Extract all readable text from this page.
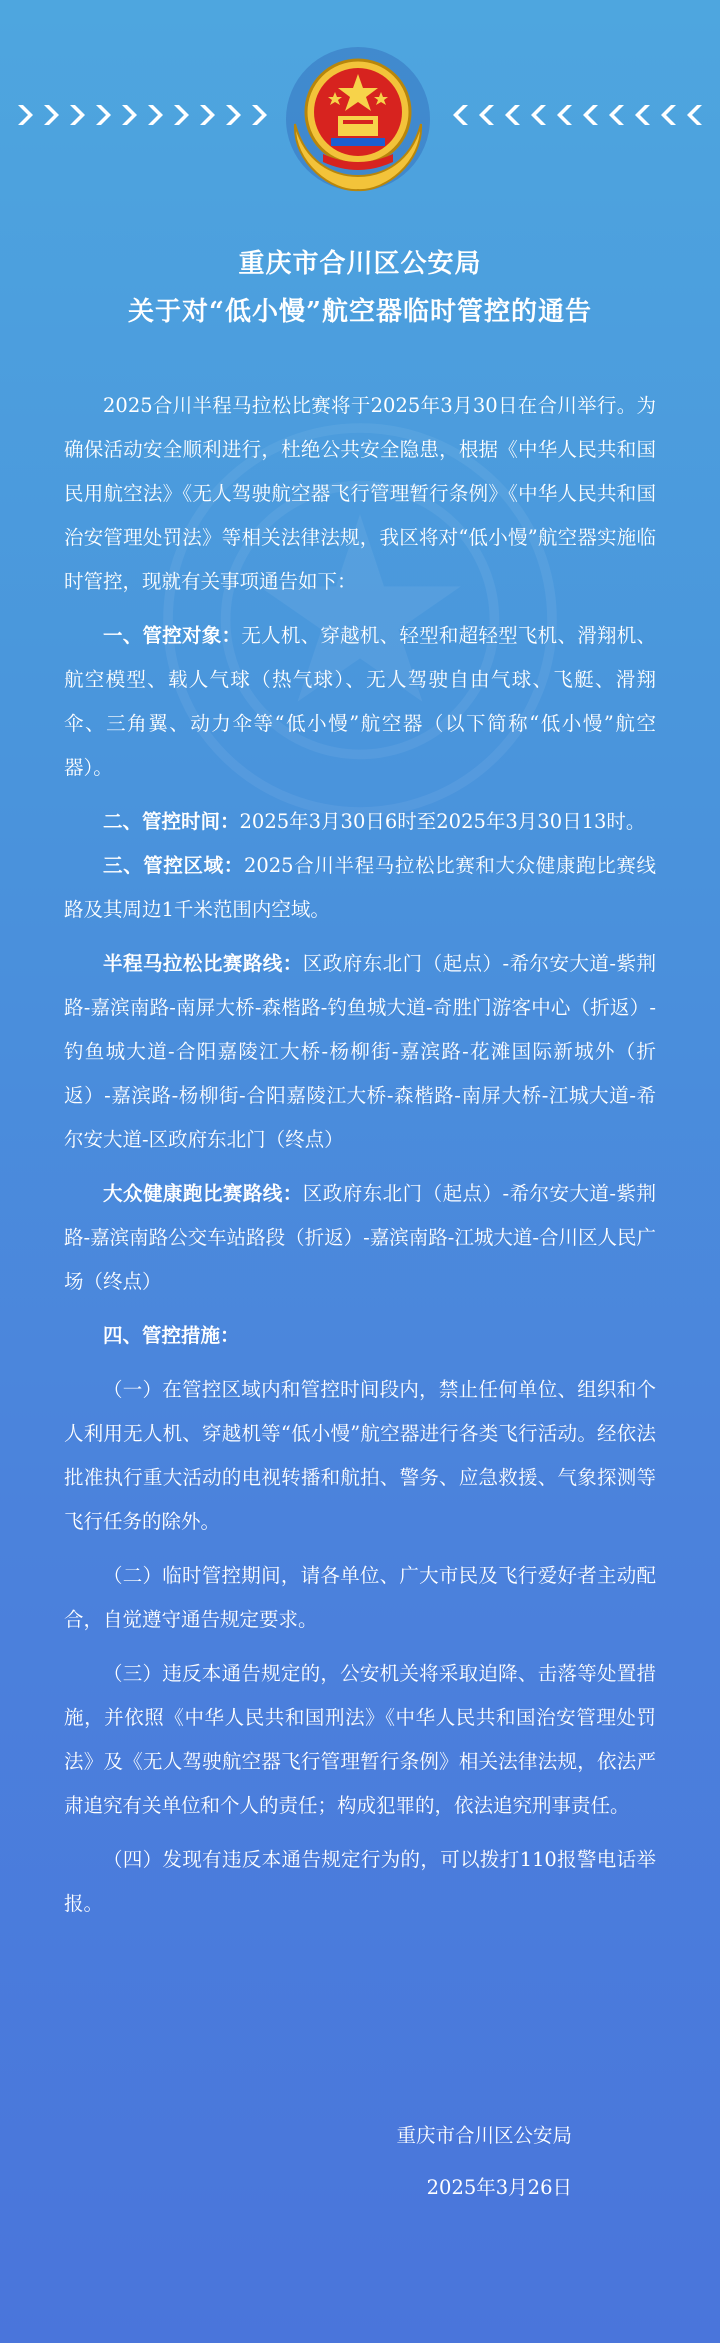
重庆市合川区公安局
关于对“低小慢”航空器临时管控的通告

2025合川半程马拉松比赛将于2025年3月30日在合川举行。为确保活动安全顺利进行，杜绝公共安全隐患，根据《中华人民共和国民用航空法》《无人驾驶航空器飞行管理暂行条例》《中华人民共和国治安管理处罚法》等相关法律法规，我区将对“低小慢”航空器实施临时管控，现就有关事项通告如下：

一、管控对象：无人机、穿越机、轻型和超轻型飞机、滑翔机、航空模型、载人气球（热气球）、无人驾驶自由气球、飞艇、滑翔伞、三角翼、动力伞等“低小慢”航空器（以下简称“低小慢”航空器）。

二、管控时间：2025年3月30日6时至2025年3月30日13时。

三、管控区域：2025合川半程马拉松比赛和大众健康跑比赛线路及其周边1千米范围内空域。

半程马拉松比赛路线：区政府东北门（起点）-希尔安大道-紫荆路-嘉滨南路-南屏大桥-森楷路-钓鱼城大道-奇胜门游客中心（折返）-钓鱼城大道-合阳嘉陵江大桥-杨柳街-嘉滨路-花滩国际新城外（折返）-嘉滨路-杨柳街-合阳嘉陵江大桥-森楷路-南屏大桥-江城大道-希尔安大道-区政府东北门（终点）

大众健康跑比赛路线：区政府东北门（起点）-希尔安大道-紫荆路-嘉滨南路公交车站路段（折返）-嘉滨南路-江城大道-合川区人民广场（终点）

四、管控措施：

（一）在管控区域内和管控时间段内，禁止任何单位、组织和个人利用无人机、穿越机等“低小慢”航空器进行各类飞行活动。经依法批准执行重大活动的电视转播和航拍、警务、应急救援、气象探测等飞行任务的除外。

（二）临时管控期间，请各单位、广大市民及飞行爱好者主动配合，自觉遵守通告规定要求。

（三）违反本通告规定的，公安机关将采取迫降、击落等处置措施，并依照《中华人民共和国刑法》《中华人民共和国治安管理处罚法》及《无人驾驶航空器飞行管理暂行条例》相关法律法规，依法严肃追究有关单位和个人的责任；构成犯罪的，依法追究刑事责任。

（四）发现有违反本通告规定行为的，可以拨打110报警电话举报。

重庆市合川区公安局
2025年3月26日
